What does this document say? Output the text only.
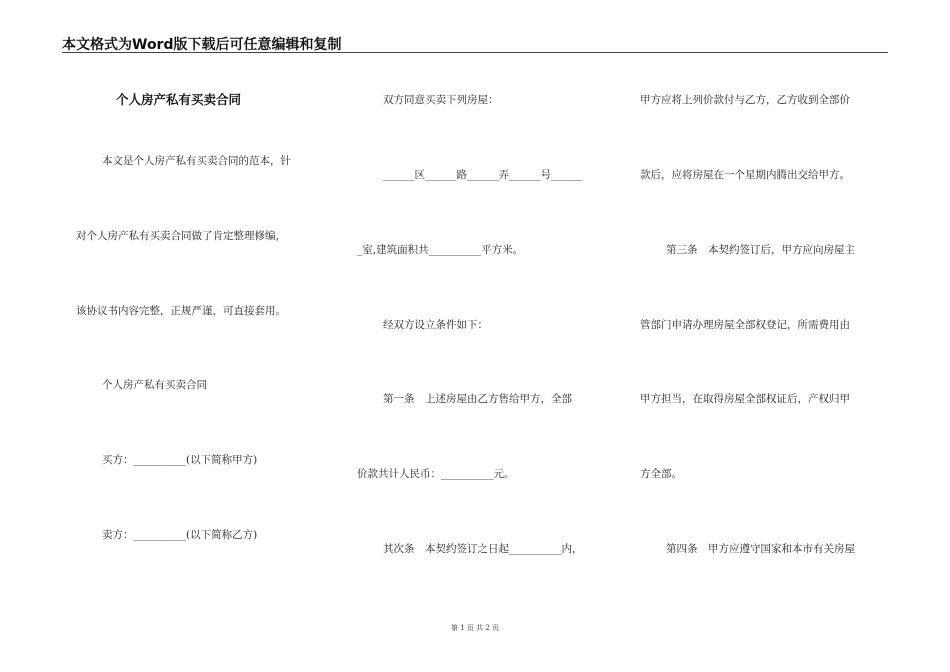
本文格式为Word版下载后可任意编辑和复制
个人房产私有买卖合同
本文是个人房产私有买卖合同的范本，针
对个人房产私有买卖合同做了肯定整理修编，
该协议书内容完整，正规严谨，可直接套用。
个人房产私有买卖合同
买方：__________(以下简称甲方)
卖方：__________(以下简称乙方)
双方同意买卖下列房屋：
______区______路______弄______号______
_室,建筑面积共__________平方米。
经双方设立条件如下：
第一条　上述房屋由乙方售给甲方，全部
价款共计人民币：__________元。
其次条　本契约签订之日起__________内，
甲方应将上列价款付与乙方，乙方收到全部价
款后，应将房屋在一个星期内腾出交给甲方。
第三条　本契约签订后，甲方应向房屋主
管部门申请办理房屋全部权登记，所需费用由
甲方担当，在取得房屋全部权证后，产权归甲
方全部。
第四条　甲方应遵守国家和本市有关房屋
第 1 页 共 2 页
